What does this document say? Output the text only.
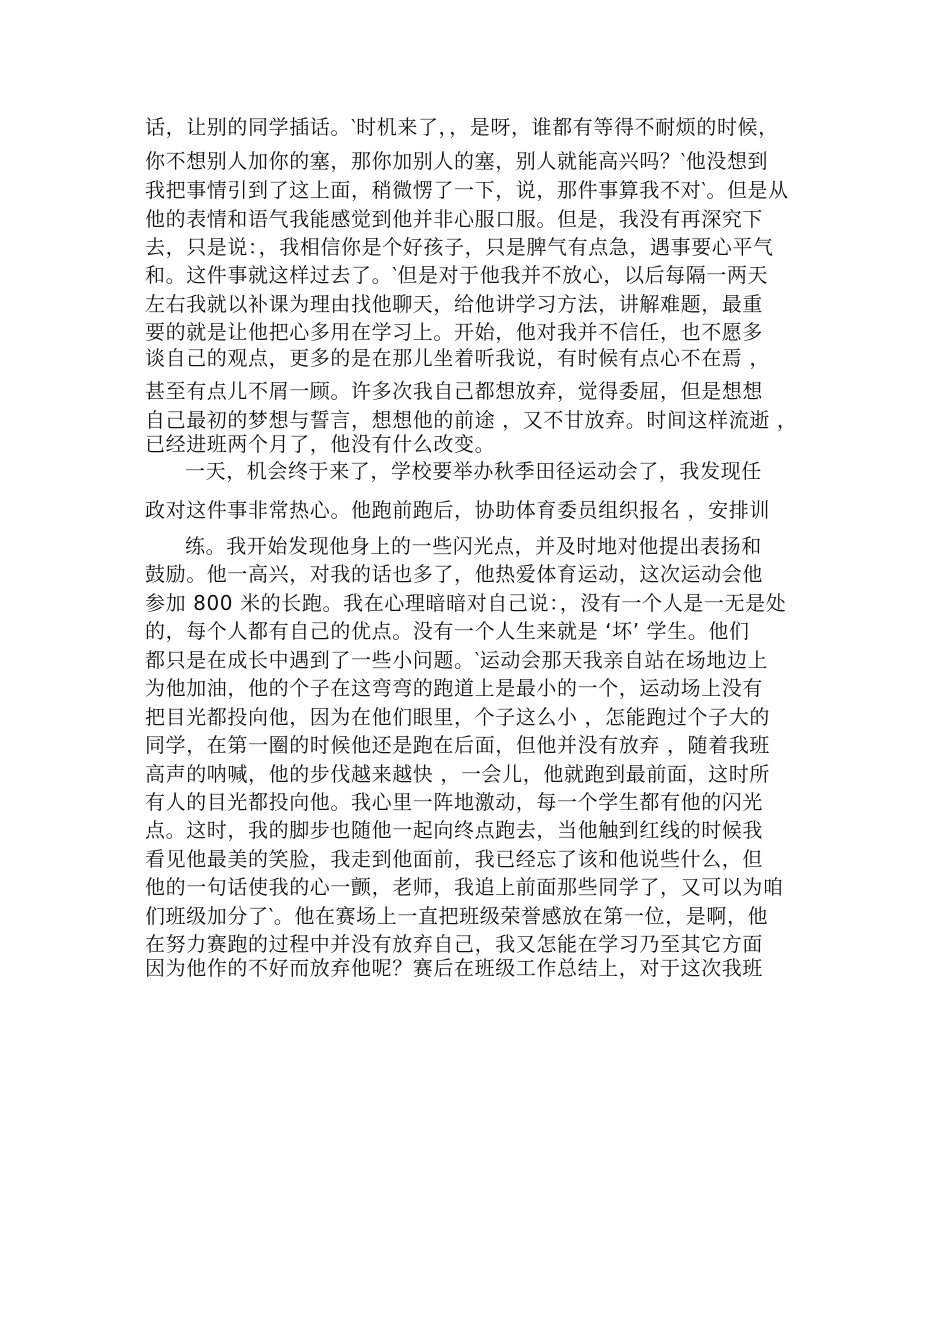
话，让别的同学插话。‵时机来了，，是呀，谁都有等得不耐烦的时候，
你不想别人加你的塞，那你加别人的塞，别人就能高兴吗？‵他没想到
我把事情引到了这上面，稍微愣了一下，说，那件事算我不对‵。但是从
他的表情和语气我能感觉到他并非心服口服。但是，我没有再深究下
去，只是说：，我相信你是个好孩子，只是脾气有点急，遇事要心平气
和。这件事就这样过去了。‵但是对于他我并不放心，以后每隔一两天
左右我就以补课为理由找他聊天，给他讲学习方法，讲解难题，最重
要的就是让他把心多用在学习上。开始，他对我并不信任，也不愿多
谈自己的观点，更多的是在那儿坐着听我说，有时候有点心不在焉 ，
甚至有点儿不屑一顾。许多次我自己都想放弃，觉得委屈，但是想想
自己最初的梦想与誓言，想想他的前途 ，又不甘放弃。时间这样流逝 ，
已经进班两个月了，他没有什么改变。
一天，机会终于来了，学校要举办秋季田径运动会了，我发现任
政对这件事非常热心。他跑前跑后，协助体育委员组织报名 ，安排训
练。我开始发现他身上的一些闪光点，并及时地对他提出表扬和
鼓励。他一高兴，对我的话也多了，他热爱体育运动，这次运动会他
参加 800 米的长跑。我在心理暗暗对自己说：，没有一个人是一无是处
的，每个人都有自己的优点。没有一个人生来就是 ‘坏’ 学生。他们
都只是在成长中遇到了一些小问题。‵运动会那天我亲自站在场地边上
为他加油，他的个子在这弯弯的跑道上是最小的一个，运动场上没有
把目光都投向他，因为在他们眼里，个子这么小 ，怎能跑过个子大的
同学，在第一圈的时候他还是跑在后面，但他并没有放弃 ，随着我班
高声的呐喊，他的步伐越来越快 ，一会儿，他就跑到最前面，这时所
有人的目光都投向他。我心里一阵地激动，每一个学生都有他的闪光
点。这时，我的脚步也随他一起向终点跑去，当他触到红线的时候我
看见他最美的笑脸，我走到他面前，我已经忘了该和他说些什么，但
他的一句话使我的心一颤，老师，我追上前面那些同学了，又可以为咱
们班级加分了‵。他在赛场上一直把班级荣誉感放在第一位，是啊，他
在努力赛跑的过程中并没有放弃自己，我又怎能在学习乃至其它方面
因为他作的不好而放弃他呢？赛后在班级工作总结上，对于这次我班
